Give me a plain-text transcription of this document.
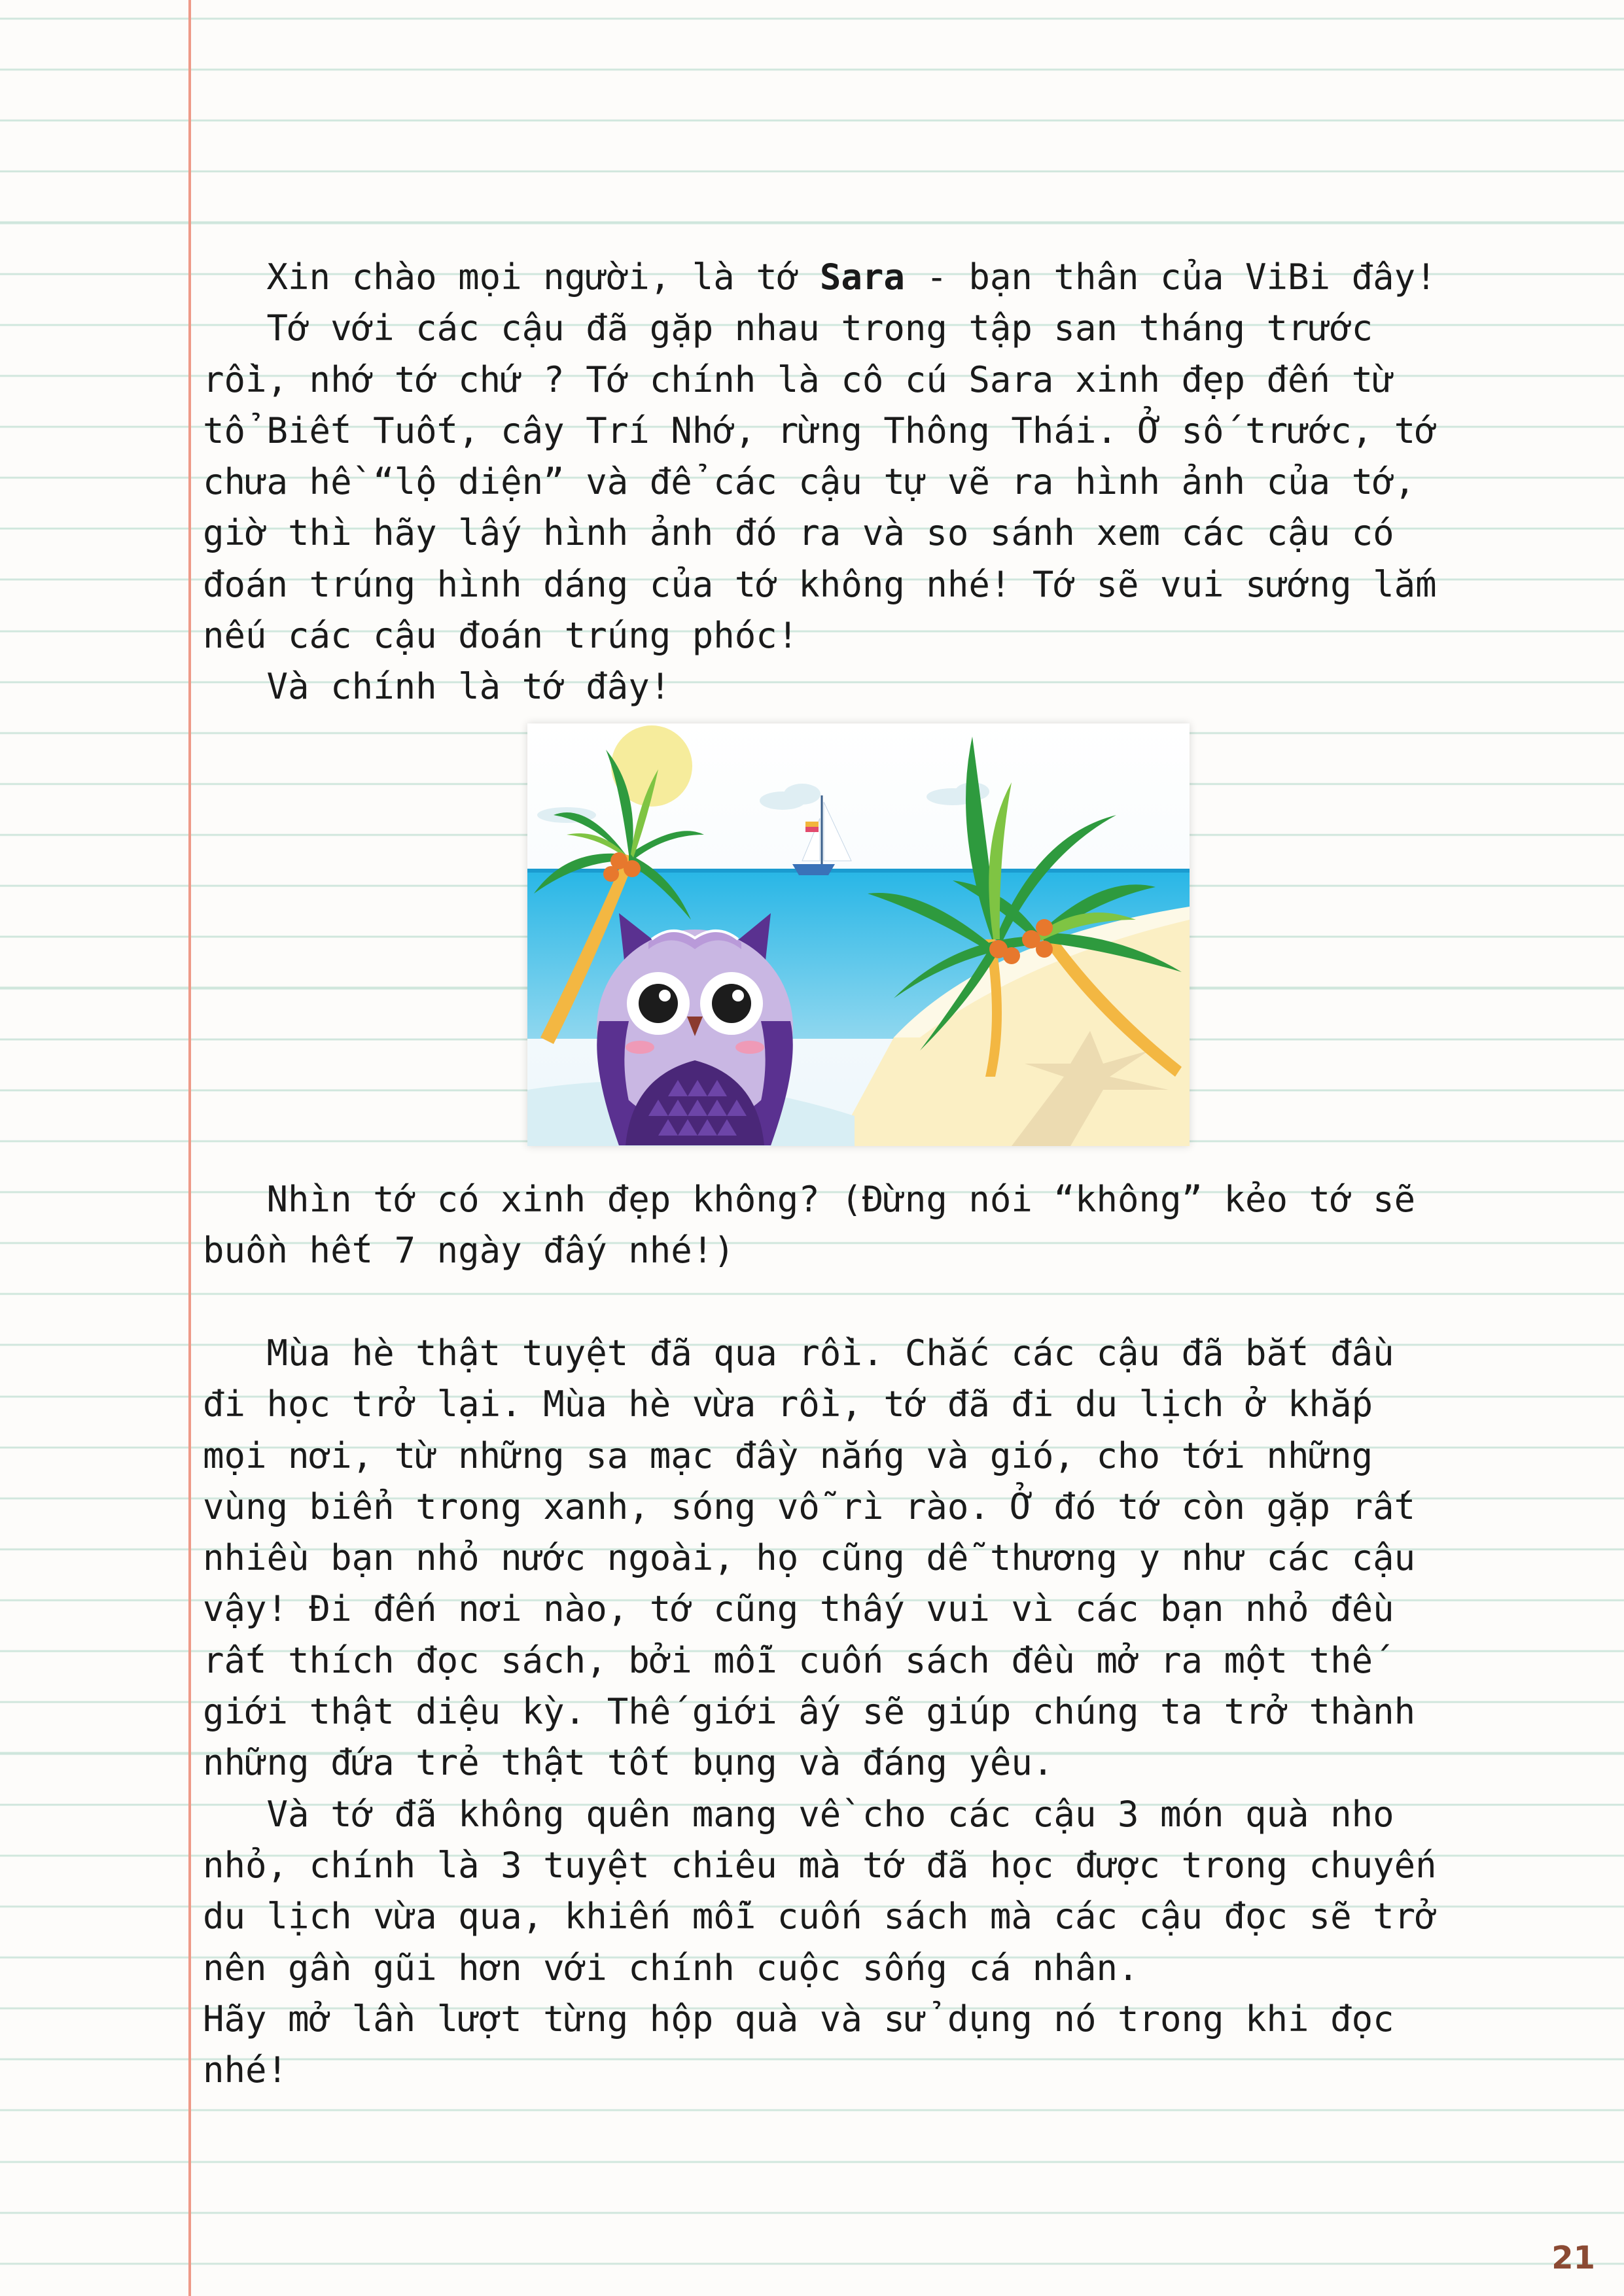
Xin chào mọi người, là tớ Sara - bạn thân của ViBi đây!
Tớ với các cậu đã gặp nhau trong tập san tháng trước
rồi, nhớ tớ chứ ? Tớ chính là cô cú Sara xinh đẹp đến từ
tổ Biết Tuốt, cây Trí Nhớ, rừng Thông Thái. Ở số trước, tớ
chưa hề “lộ diện” và để các cậu tự vẽ ra hình ảnh của tớ,
giờ thì hãy lấy hình ảnh đó ra và so sánh xem các cậu có
đoán trúng hình dáng của tớ không nhé! Tớ sẽ vui sướng lắm
nếu các cậu đoán trúng phóc!
Và chính là tớ đây!
Nhìn tớ có xinh đẹp không? (Đừng nói “không” kẻo tớ sẽ
buồn hết 7 ngày đấy nhé!)
Mùa hè thật tuyệt đã qua rồi. Chắc các cậu đã bắt đầu
đi học trở lại. Mùa hè vừa rồi, tớ đã đi du lịch ở khắp
mọi nơi, từ những sa mạc đầy nắng và gió, cho tới những
vùng biển trong xanh, sóng vỗ rì rào. Ở đó tớ còn gặp rất
nhiều bạn nhỏ nước ngoài, họ cũng dễ thương y như các cậu
vậy! Đi đến nơi nào, tớ cũng thấy vui vì các bạn nhỏ đều
rất thích đọc sách, bởi mỗi cuốn sách đều mở ra một thế
giới thật diệu kỳ. Thế giới ấy sẽ giúp chúng ta trở thành
những đứa trẻ thật tốt bụng và đáng yêu.
Và tớ đã không quên mang về cho các cậu 3 món quà nho
nhỏ, chính là 3 tuyệt chiêu mà tớ đã học được trong chuyến
du lịch vừa qua, khiến mỗi cuốn sách mà các cậu đọc sẽ trở
nên gần gũi hơn với chính cuộc sống cá nhân.
Hãy mở lần lượt từng hộp quà và sử dụng nó trong khi đọc
nhé!
21
